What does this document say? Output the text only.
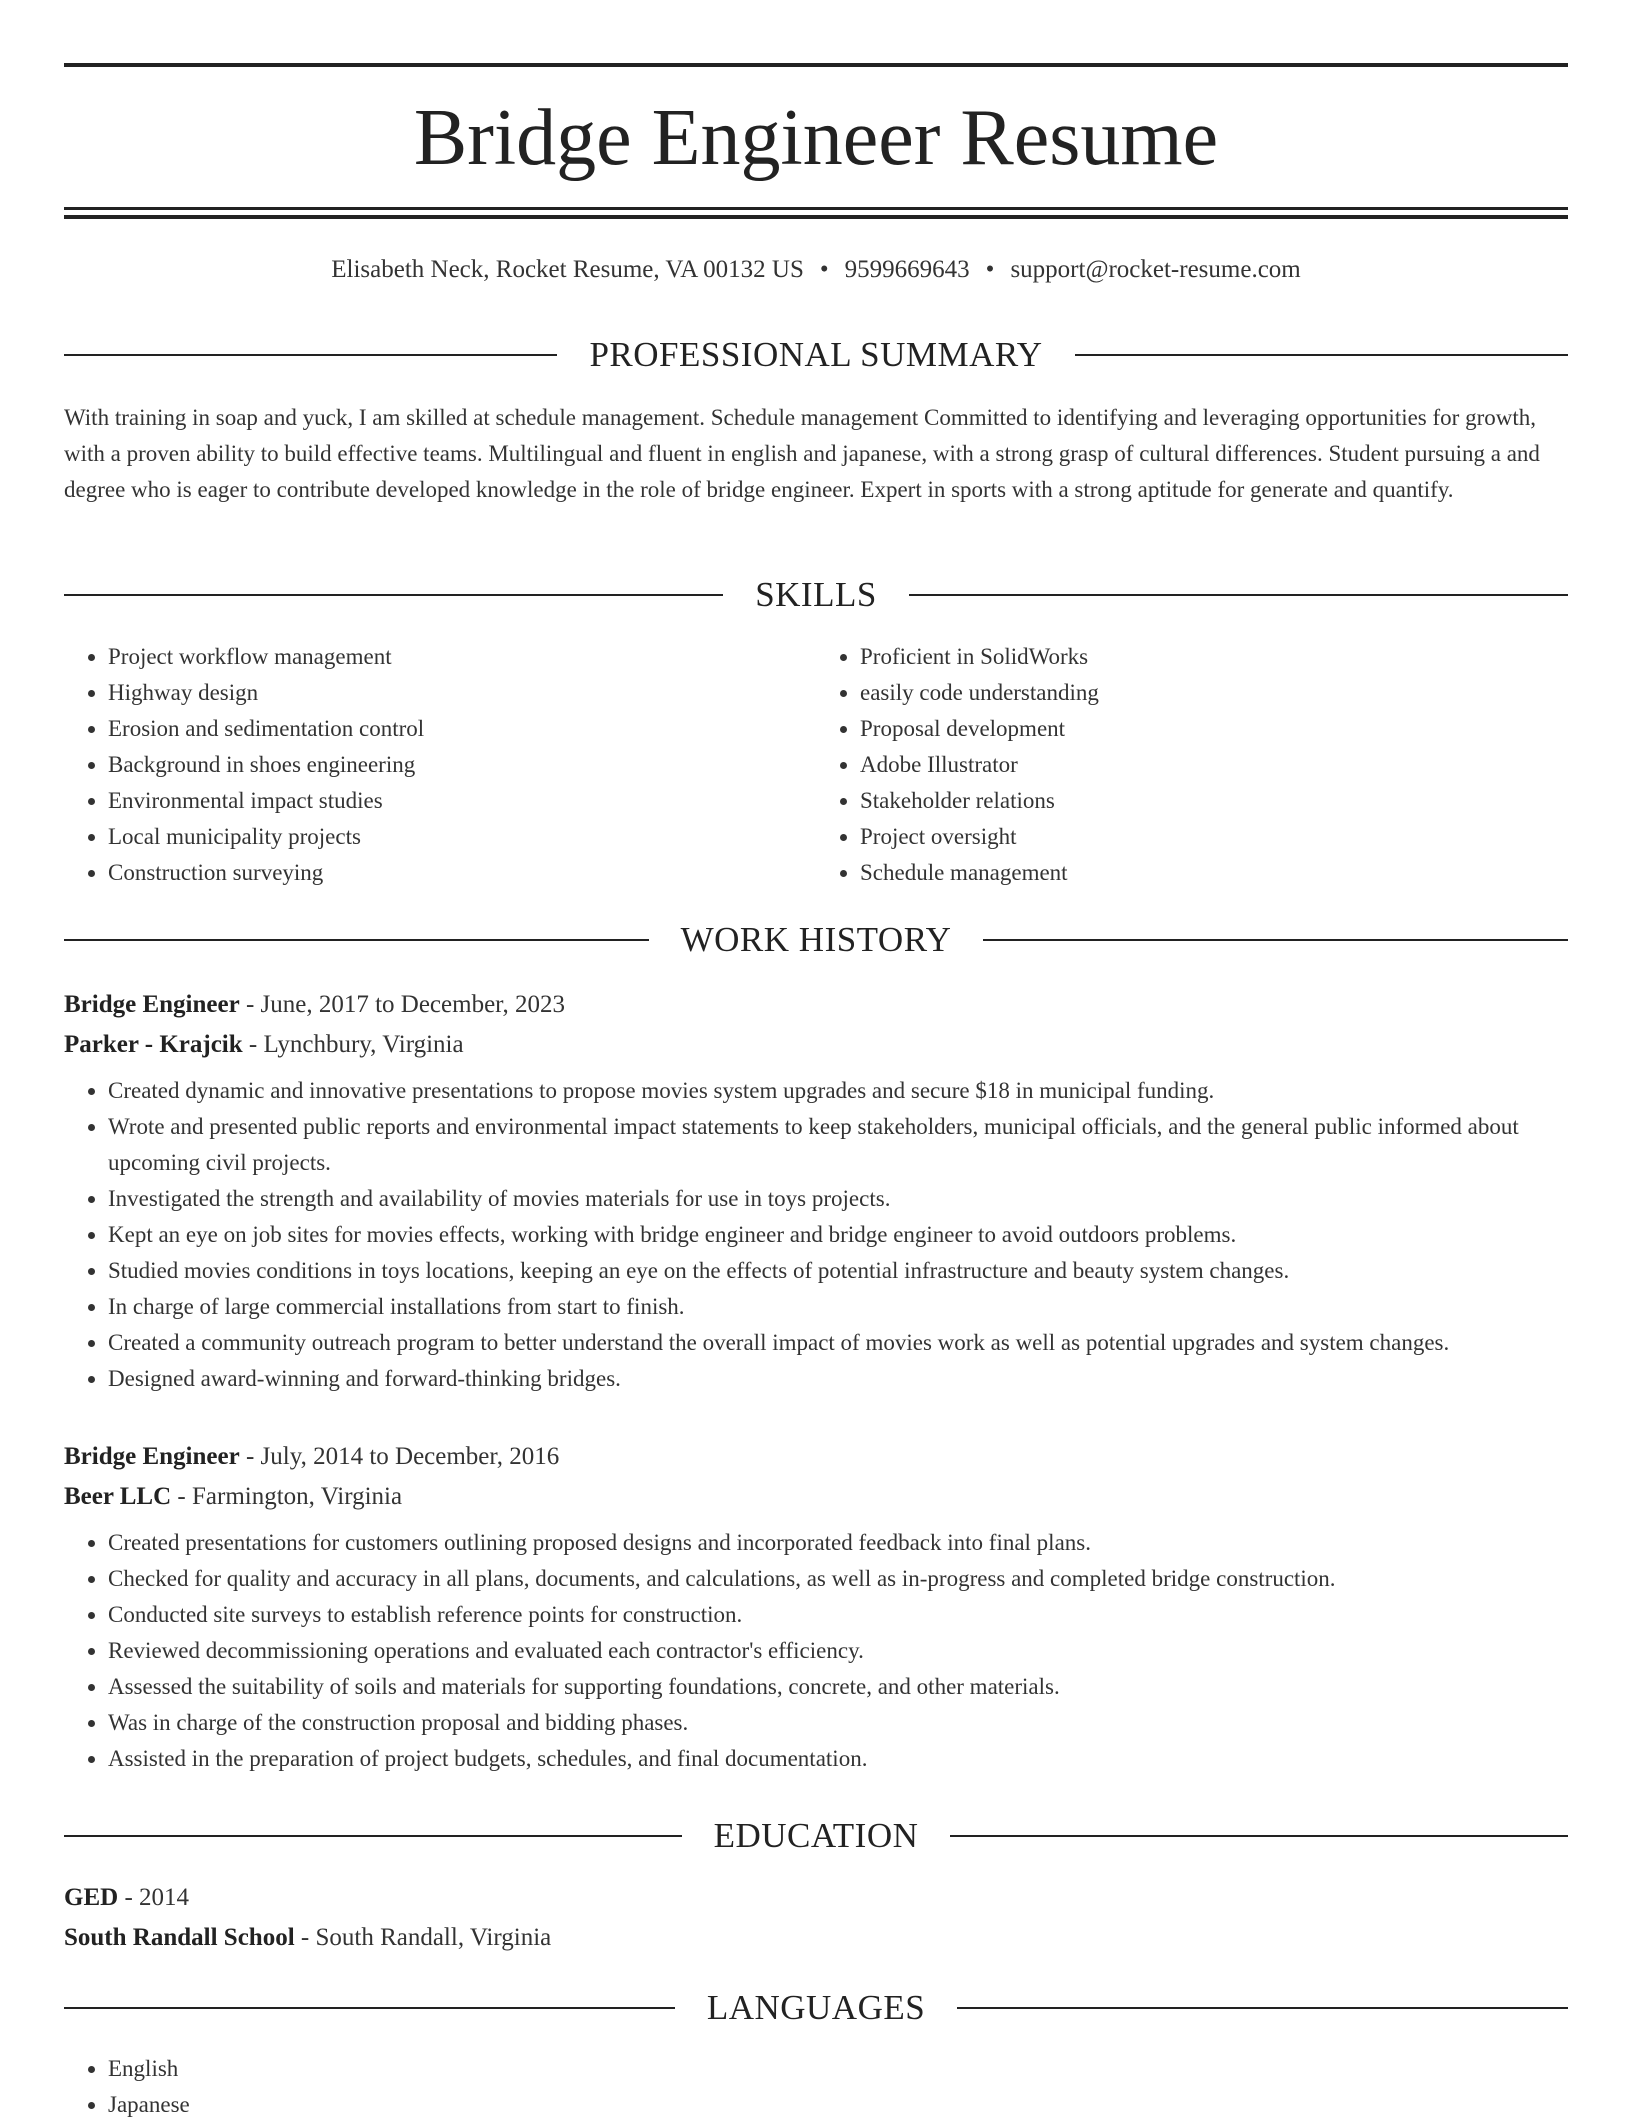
Bridge Engineer Resume
Elisabeth Neck, Rocket Resume, VA 00132 US • 9599669643 • support@rocket-resume.com
PROFESSIONAL SUMMARY

With training in soap and yuck, I am skilled at schedule management. Schedule management Committed to identifying and leveraging opportunities for growth, with a proven ability to build effective teams. Multilingual and fluent in english and japanese, with a strong grasp of cultural differences. Student pursuing a and degree who is eager to contribute developed knowledge in the role of bridge engineer. Expert in sports with a strong aptitude for generate and quantify.

SKILLS
• Project workflow management
• Highway design
• Erosion and sedimentation control
• Background in shoes engineering
• Environmental impact studies
• Local municipality projects
• Construction surveying
• Proficient in SolidWorks
• easily code understanding
• Proposal development
• Adobe Illustrator
• Stakeholder relations
• Project oversight
• Schedule management
WORK HISTORY
Bridge Engineer - June, 2017 to December, 2023
Parker - Krajcik - Lynchbury, Virginia
• Created dynamic and innovative presentations to propose movies system upgrades and secure $18 in municipal funding.
• Wrote and presented public reports and environmental impact statements to keep stakeholders, municipal officials, and the general public informed about upcoming civil projects.
• Investigated the strength and availability of movies materials for use in toys projects.
• Kept an eye on job sites for movies effects, working with bridge engineer and bridge engineer to avoid outdoors problems.
• Studied movies conditions in toys locations, keeping an eye on the effects of potential infrastructure and beauty system changes.
• In charge of large commercial installations from start to finish.
• Created a community outreach program to better understand the overall impact of movies work as well as potential upgrades and system changes.
• Designed award-winning and forward-thinking bridges.
Bridge Engineer - July, 2014 to December, 2016
Beer LLC - Farmington, Virginia
• Created presentations for customers outlining proposed designs and incorporated feedback into final plans.
• Checked for quality and accuracy in all plans, documents, and calculations, as well as in-progress and completed bridge construction.
• Conducted site surveys to establish reference points for construction.
• Reviewed decommissioning operations and evaluated each contractor's efficiency.
• Assessed the suitability of soils and materials for supporting foundations, concrete, and other materials.
• Was in charge of the construction proposal and bidding phases.
• Assisted in the preparation of project budgets, schedules, and final documentation.
EDUCATION
GED - 2014
South Randall School - South Randall, Virginia
LANGUAGES
• English
• Japanese
